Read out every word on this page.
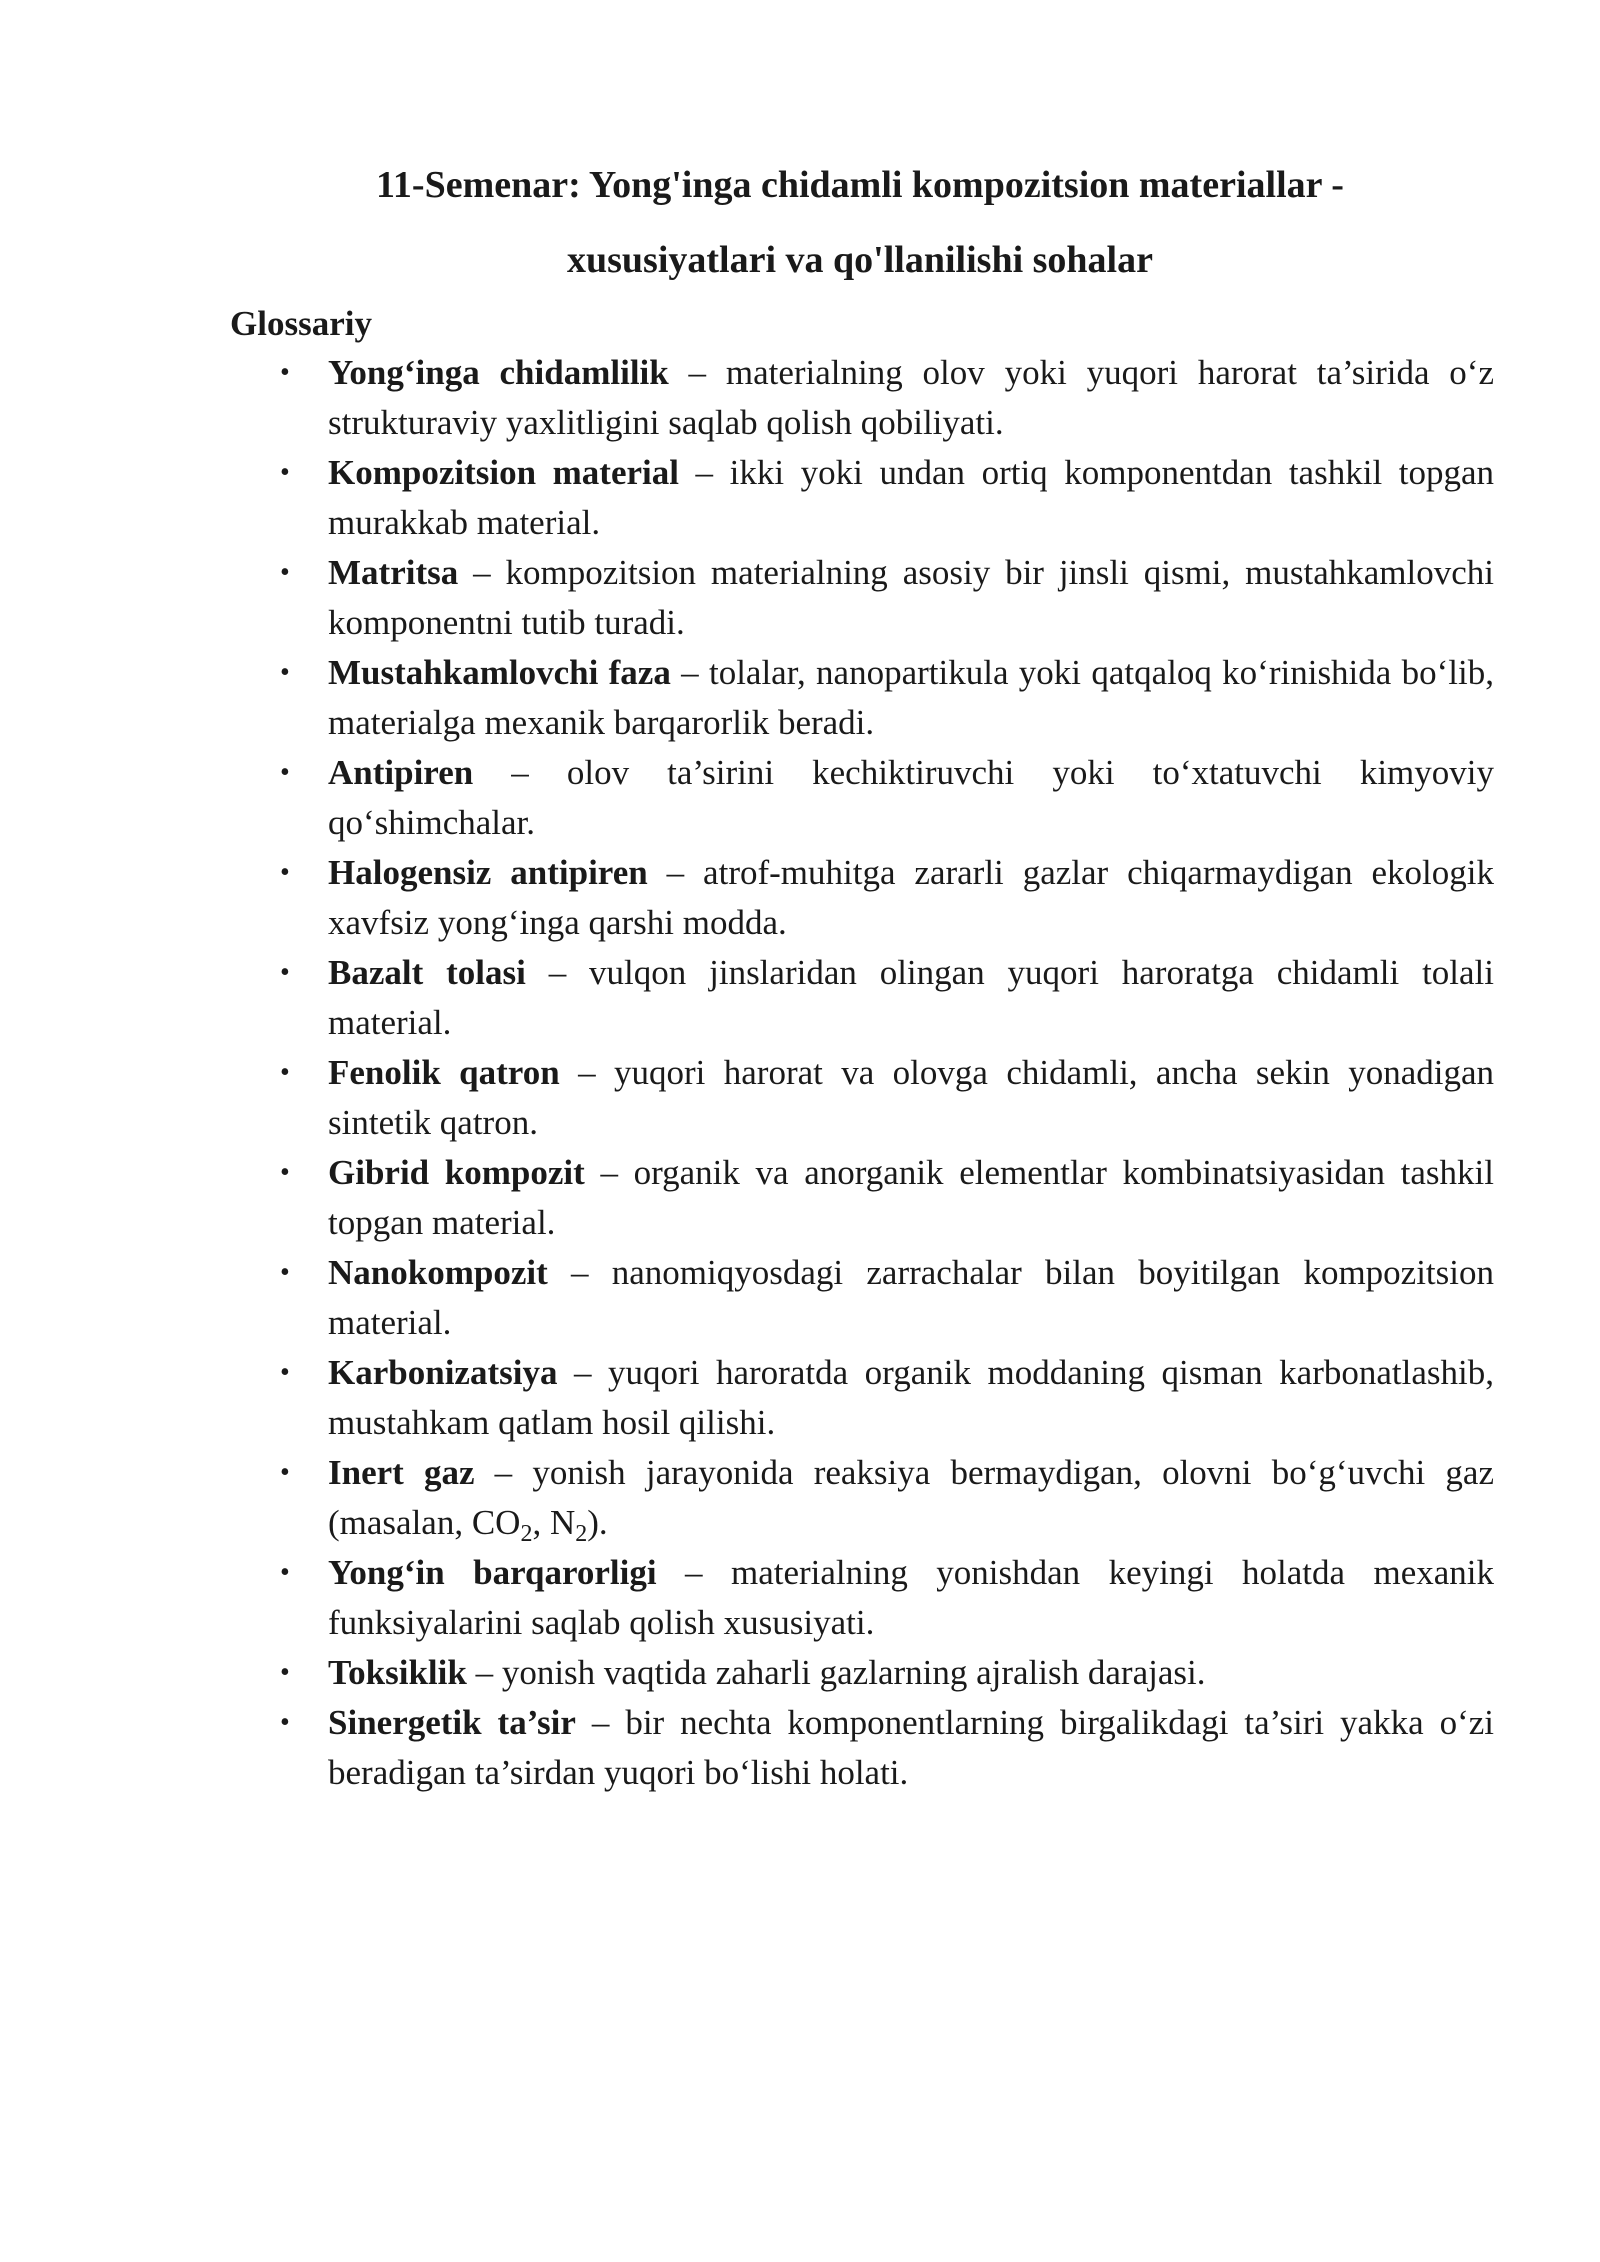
11-Semenar: Yong'inga chidamli kompozitsion materiallar -
xususiyatlari va qo'llanilishi sohalar
Glossariy
• Yong‘inga chidamlilik – materialning olov yoki yuqori harorat ta’sirida o‘z strukturaviy yaxlitligini saqlab qolish qobiliyati.
• Kompozitsion material – ikki yoki undan ortiq komponentdan tashkil topgan murakkab material.
• Matritsa – kompozitsion materialning asosiy bir jinsli qismi, mustahkamlovchi komponentni tutib turadi.
• Mustahkamlovchi faza – tolalar, nanopartikula yoki qatqaloq ko‘rinishida bo‘lib, materialga mexanik barqarorlik beradi.
• Antipiren – olov ta’sirini kechiktiruvchi yoki to‘xtatuvchi kimyoviy qo‘shimchalar.
• Halogensiz antipiren – atrof-muhitga zararli gazlar chiqarmaydigan ekologik xavfsiz yong‘inga qarshi modda.
• Bazalt tolasi – vulqon jinslaridan olingan yuqori haroratga chidamli tolali material.
• Fenolik qatron – yuqori harorat va olovga chidamli, ancha sekin yonadigan sintetik qatron.
• Gibrid kompozit – organik va anorganik elementlar kombinatsiyasidan tashkil topgan material.
• Nanokompozit – nanomiqyosdagi zarrachalar bilan boyitilgan kompozitsion material.
• Karbonizatsiya – yuqori haroratda organik moddaning qisman karbonatlashib, mustahkam qatlam hosil qilishi.
• Inert gaz – yonish jarayonida reaksiya bermaydigan, olovni bo‘g‘uvchi gaz (masalan, $CO_2$, $N_2$).
• Yong‘in barqarorligi – materialning yonishdan keyingi holatda mexanik funksiyalarini saqlab qolish xususiyati.
• Toksiklik – yonish vaqtida zaharli gazlarning ajralish darajasi.
• Sinergetik ta’sir – bir nechta komponentlarning birgalikdagi ta’siri yakka o‘zi beradigan ta’sirdan yuqori bo‘lishi holati.
